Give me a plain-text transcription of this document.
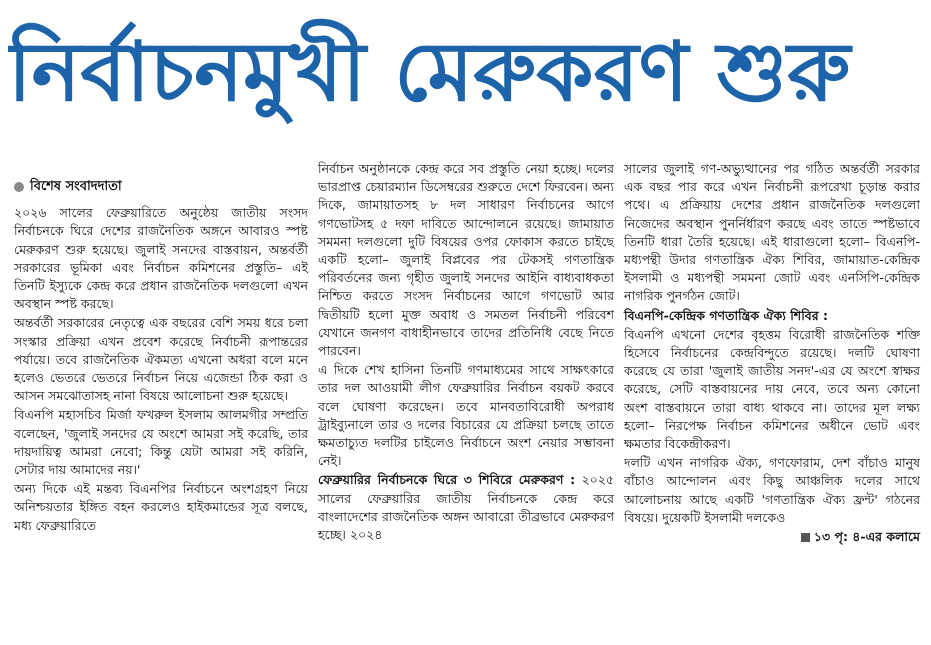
নির্বাচনমুখী মেরুকরণ শুরু

বিশেষ সংবাদদাতা

২০২৬ সালের ফেব্রুয়ারিতে অনুষ্ঠেয় জাতীয় সংসদ নির্বাচনকে ঘিরে দেশের রাজনৈতিক অঙ্গনে আবারও স্পষ্ট মেরুকরণ শুরু হয়েছে। জুলাই সনদের বাস্তবায়ন, অন্তর্বর্তী সরকারের ভূমিকা এবং নির্বাচন কমিশনের প্রস্তুতি– এই তিনটি ইস্যুকে কেন্দ্র করে প্রধান রাজনৈতিক দলগুলো এখন অবস্থান স্পষ্ট করছে।

অন্তর্বর্তী সরকারের নেতৃত্বে এক বছরের বেশি সময় ধরে চলা সংস্কার প্রক্রিয়া এখন প্রবেশ করেছে নির্বাচনী রূপান্তরের পর্যায়ে। তবে রাজনৈতিক ঐকমত্য এখনো অধরা বলে মনে হলেও ভেতরে ভেতরে নির্বাচন নিয়ে এজেন্ডা ঠিক করা ও আসন সমঝোতাসহ নানা বিষয়ে আলোচনা শুরু হয়েছে।

বিএনপি মহাসচিব মির্জা ফখরুল ইসলাম আলমগীর সম্প্রতি বলেছেন, 'জুলাই সনদের যে অংশে আমরা সই করেছি, তার দায়দায়িত্ব আমরা নেবো; কিন্তু যেটা আমরা সই করিনি, সেটার দায় আমাদের নয়।'

অন্য দিকে এই মন্তব্য বিএনপির নির্বাচনে অংশগ্রহণ নিয়ে অনিশ্চয়তার ইঙ্গিত বহন করলেও হাইকমান্ডের সূত্র বলছে, মধ্য ফেব্রুয়ারিতে

নির্বাচন অনুষ্ঠানকে কেন্দ্র করে সব প্রস্তুতি নেয়া হচ্ছে। দলের ভারপ্রাপ্ত চেয়ারম্যান ডিসেম্বরের শুরুতে দেশে ফিরবেন। অন্য দিকে, জামায়াতসহ ৮ দল সাধারণ নির্বাচনের আগে গণভোটসহ ৫ দফা দাবিতে আন্দোলনে রয়েছে। জামায়াত সমমনা দলগুলো দুটি বিষয়ের ওপর ফোকাস করতে চাইছে একটি হলো– জুলাই বিপ্লবের পর টেকসই গণতান্ত্রিক পরিবর্তনের জন্য গৃহীত জুলাই সনদের আইনি বাধ্যবাধকতা নিশ্চিত করতে সংসদ নির্বাচনের আগে গণভোট আর দ্বিতীয়টি হলো মুক্ত অবাধ ও সমতল নির্বাচনী পরিবেশ যেখানে জনগণ বাধাহীনভাবে তাদের প্রতিনিধি বেছে নিতে পারবেন।

এ দিকে শেখ হাসিনা তিনটি গণমাধ্যমের সাথে সাক্ষৎকারে তার দল আওয়ামী লীগ ফেব্রুয়ারির নির্বাচন বয়কট করবে বলে ঘোষণা করেছেন। তবে মানবতাবিরোধী অপরাধ ট্রাইব্যুনালে তার ও দলের বিচারের যে প্রক্রিয়া চলছে তাতে ক্ষমতাচ্যুত দলটির চাইলেও নির্বাচনে অংশ নেয়ার সম্ভাবনা নেই।

ফেব্রুয়ারির নির্বাচনকে ঘিরে ৩ শিবিরে মেরুকরণ : ২০২৫ সালের ফেব্রুয়ারির জাতীয় নির্বাচনকে কেন্দ্র করে বাংলাদেশের রাজনৈতিক অঙ্গন আবারো তীব্রভাবে মেরুকরণ হচ্ছে। ২০২৪

সালের জুলাই গণ-অভ্যুত্থানের পর গঠিত অন্তর্বর্তী সরকার এক বছর পার করে এখন নির্বাচনী রূপরেখা চূড়ান্ত করার পথে। এ প্রক্রিয়ায় দেশের প্রধান রাজনৈতিক দলগুলো নিজেদের অবস্থান পুনর্নির্ধারণ করছে এবং তাতে স্পষ্টভাবে তিনটি ধারা তৈরি হয়েছে। এই ধারাগুলো হলো– বিএনপি-মধ্যপন্থী উদার গণতান্ত্রিক ঐক্য শিবির, জামায়াত-কেন্দ্রিক ইসলামী ও মধ্যপন্থী সমমনা জোট এবং এনসিপি-কেন্দ্রিক নাগরিক পুনর্গঠন জোট।

বিএনপি-কেন্দ্রিক গণতান্ত্রিক ঐক্য শিবির :

বিএনপি এখনো দেশের বৃহত্তম বিরোধী রাজনৈতিক শক্তি হিসেবে নির্বাচনের কেন্দ্রবিন্দুতে রয়েছে। দলটি ঘোষণা করেছে যে তারা 'জুলাই জাতীয় সনদ'-এর যে অংশে স্বাক্ষর করেছে, সেটি বাস্তবায়নের দায় নেবে, তবে অন্য কোনো অংশ বাস্তবায়নে তারা বাধ্য থাকবে না। তাদের মূল লক্ষ্য হলো– নিরপেক্ষ নির্বাচন কমিশনের অধীনে ভোট এবং ক্ষমতার বিকেন্দ্রীকরণ।

দলটি এখন নাগরিক ঐক্য, গণফোরাম, দেশ বাঁচাও মানুষ বাঁচাও আন্দোলন এবং কিছু আঞ্চলিক দলের সাথে আলোচনায় আছে একটি 'গণতান্ত্রিক ঐক্য ফ্রন্ট' গঠনের বিষয়ে। দুয়েকটি ইসলামী দলকেও

১৩ পৃ: ৪-এর কলামে
